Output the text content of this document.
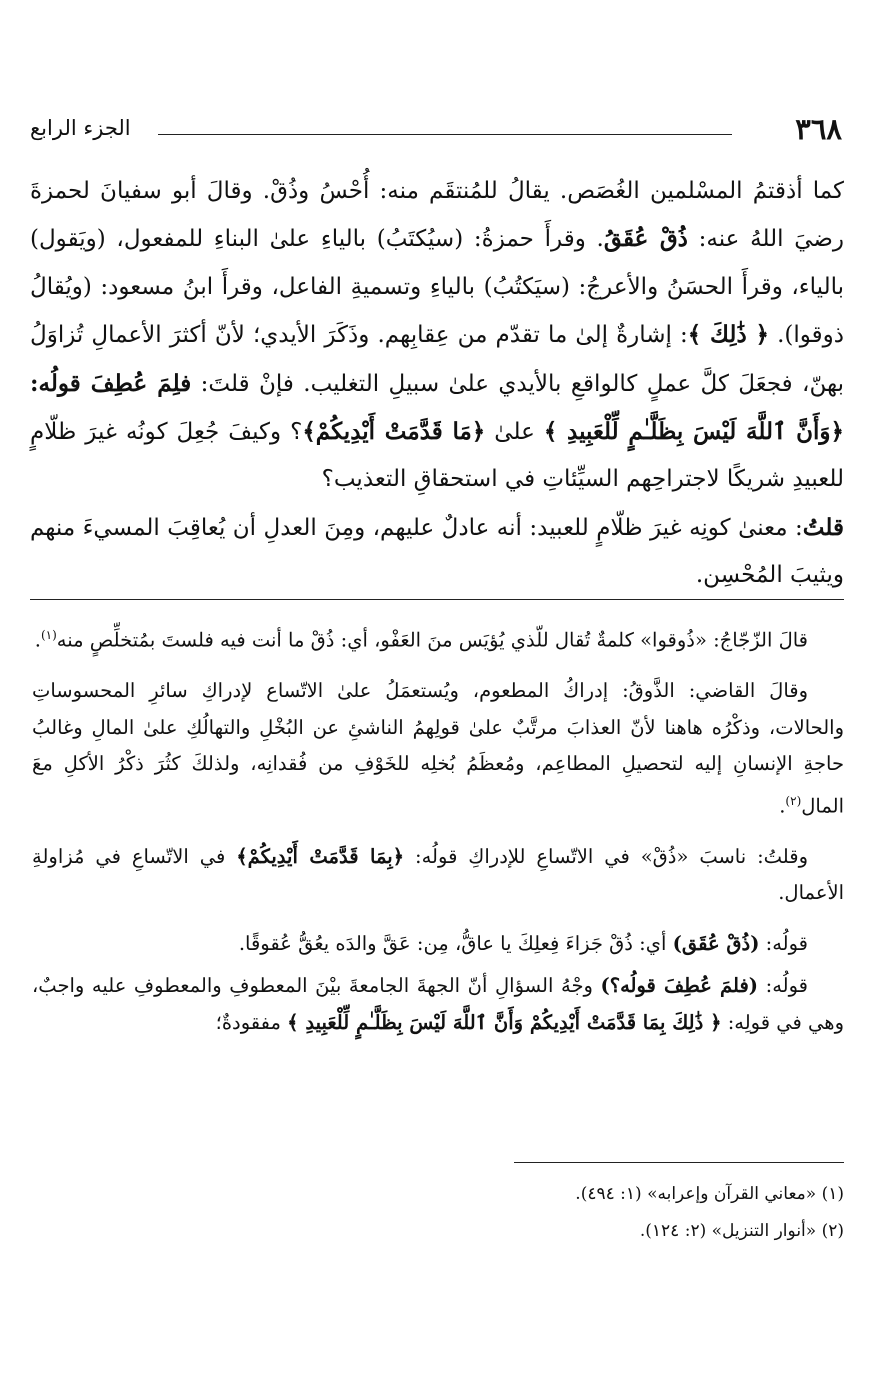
٣٦٨
الجزء الرابع

كما أذقتمُ المسْلمين الغُصَص. يقالُ للمُنتقَم منه: أُحْسُ وذُقْ. وقالَ أبو سفيانَ لحمزةَ رضيَ اللهُ عنه: ذُقْ عُقَقُ. وقرأَ حمزةُ: (سيُكتَبُ) بالياءِ علىٰ البناءِ للمفعول، (ويَقول) بالياء، وقرأَ الحسَنُ والأعرجُ: (سيَكتُبُ) بالياءِ وتسميةِ الفاعل، وقرأَ ابنُ مسعود: (ويُقالُ ذوقوا). ﴿ ذَٰلِكَ ﴾: إشارةٌ إلىٰ ما تقدّم من عِقابِهم. وذَكَرَ الأيدي؛ لأنّ أكثرَ الأعمالِ تُزاوَلُ بهنّ، فجعَلَ كلَّ عملٍ كالواقعِ بالأيدي علىٰ سبيلِ التغليب. فإنْ قلتَ: فلِمَ عُطِفَ قولُه: ﴿وَأَنَّ ٱللَّهَ لَيْسَ بِظَلَّـٰمٍ لِّلْعَبِيدِ ﴾ علىٰ ﴿مَا قَدَّمَتْ أَيْدِيكُمْ﴾؟ وكيفَ جُعِلَ كونُه غيرَ ظلّامٍ للعبيدِ شريكًا لاجتراحِهم السيِّئاتِ في استحقاقِ التعذيب؟

قلتُ: معنىٰ كونِه غيرَ ظلّامٍ للعبيد: أنه عادلٌ عليهم، ومِنَ العدلِ أن يُعاقِبَ المسيءَ منهم ويثيبَ المُحْسِن.

قالَ الزّجّاجُ: «ذُوقوا» كلمةٌ تُقال للّذي يُؤيَس منَ العَفْو، أي: ذُقْ ما أنت فيه فلستَ بمُتخلِّصٍ منه$^{(١)}$.

وقالَ القاضي: الذَّوقُ: إدراكُ المطعوم، ويُستعمَلُ علىٰ الاتّساع لإدراكِ سائرِ المحسوساتِ والحالات، وذكْرُه هاهنا لأنّ العذابَ مرتَّبٌ علىٰ قولِهمُ الناشئِ عن البُخْلِ والتهالُكِ علىٰ المالِ وغالبُ حاجةِ الإنسانِ إليه لتحصيلِ المطاعِم، ومُعظَمُ بُخلِه للخَوْفِ من فُقدانِه، ولذلكَ كثُرَ ذكْرُ الأكلِ معَ المال$^{(٢)}$.

وقلتُ: ناسبَ «ذُقْ» في الاتّساعِ للإدراكِ قولُه: ﴿بِمَا قَدَّمَتْ أَيْدِيكُمْ﴾ في الاتّساعِ في مُزاولةِ الأعمال.

قولُه: (ذُقْ عُقَق) أي: ذُقْ جَزاءَ فِعلِكَ يا عاقُّ، مِن: عَقَّ والدَه يعُقُّ عُقوقًا.

قولُه: (فلمَ عُطِفَ قولُه؟) وجْهُ السؤالِ أنّ الجهةَ الجامعةَ بيْنَ المعطوفِ والمعطوفِ عليه واجبٌ، وهي في قولِه: ﴿ ذَٰلِكَ بِمَا قَدَّمَتْ أَيْدِيكُمْ وَأَنَّ ٱللَّهَ لَيْسَ بِظَلَّـٰمٍ لِّلْعَبِيدِ ﴾ مفقودةٌ؛

(١) «معاني القرآن وإعرابه» (١: ٤٩٤).

(٢) «أنوار التنزيل» (٢: ١٢٤).
